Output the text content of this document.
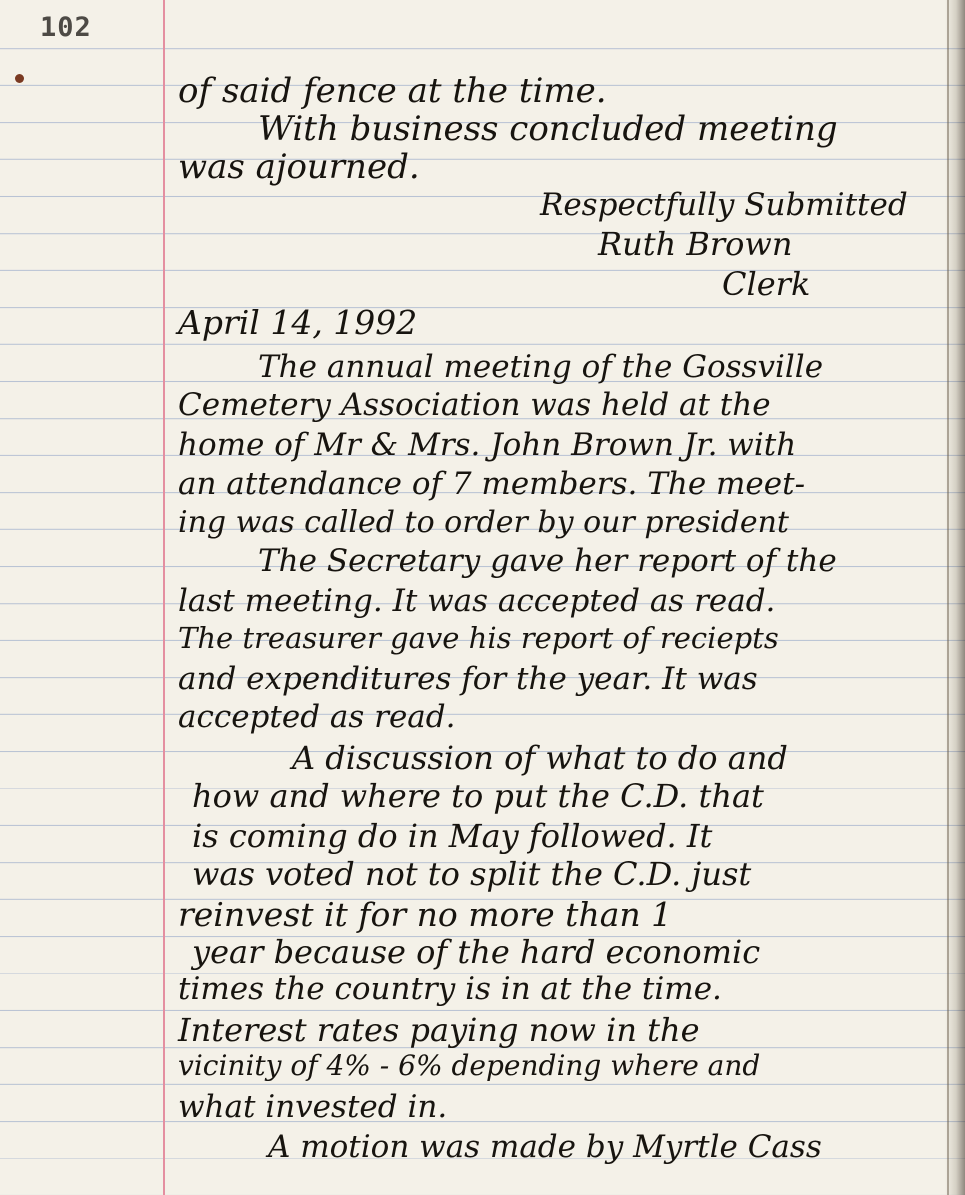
102
of said fence at the time.
With business concluded meeting
was ajourned.
Respectfully Submitted
Ruth Brown
Clerk
April 14, 1992
The annual meeting of the Gossville
Cemetery Association was held at the
home of Mr & Mrs. John Brown Jr. with
an attendance of 7 members. The meet-
ing was called to order by our president
The Secretary gave her report of the
last meeting. It was accepted as read.
The treasurer gave his report of reciepts
and expenditures for the year. It was
accepted as read.
A discussion of what to do and
how and where to put the C.D. that
is coming do in May followed. It
was voted not to split the C.D. just
reinvest it for no more than 1
year because of the hard economic
times the country is in at the time.
Interest rates paying now in the
vicinity of 4% - 6% depending where and
what invested in.
A motion was made by Myrtle Cass
